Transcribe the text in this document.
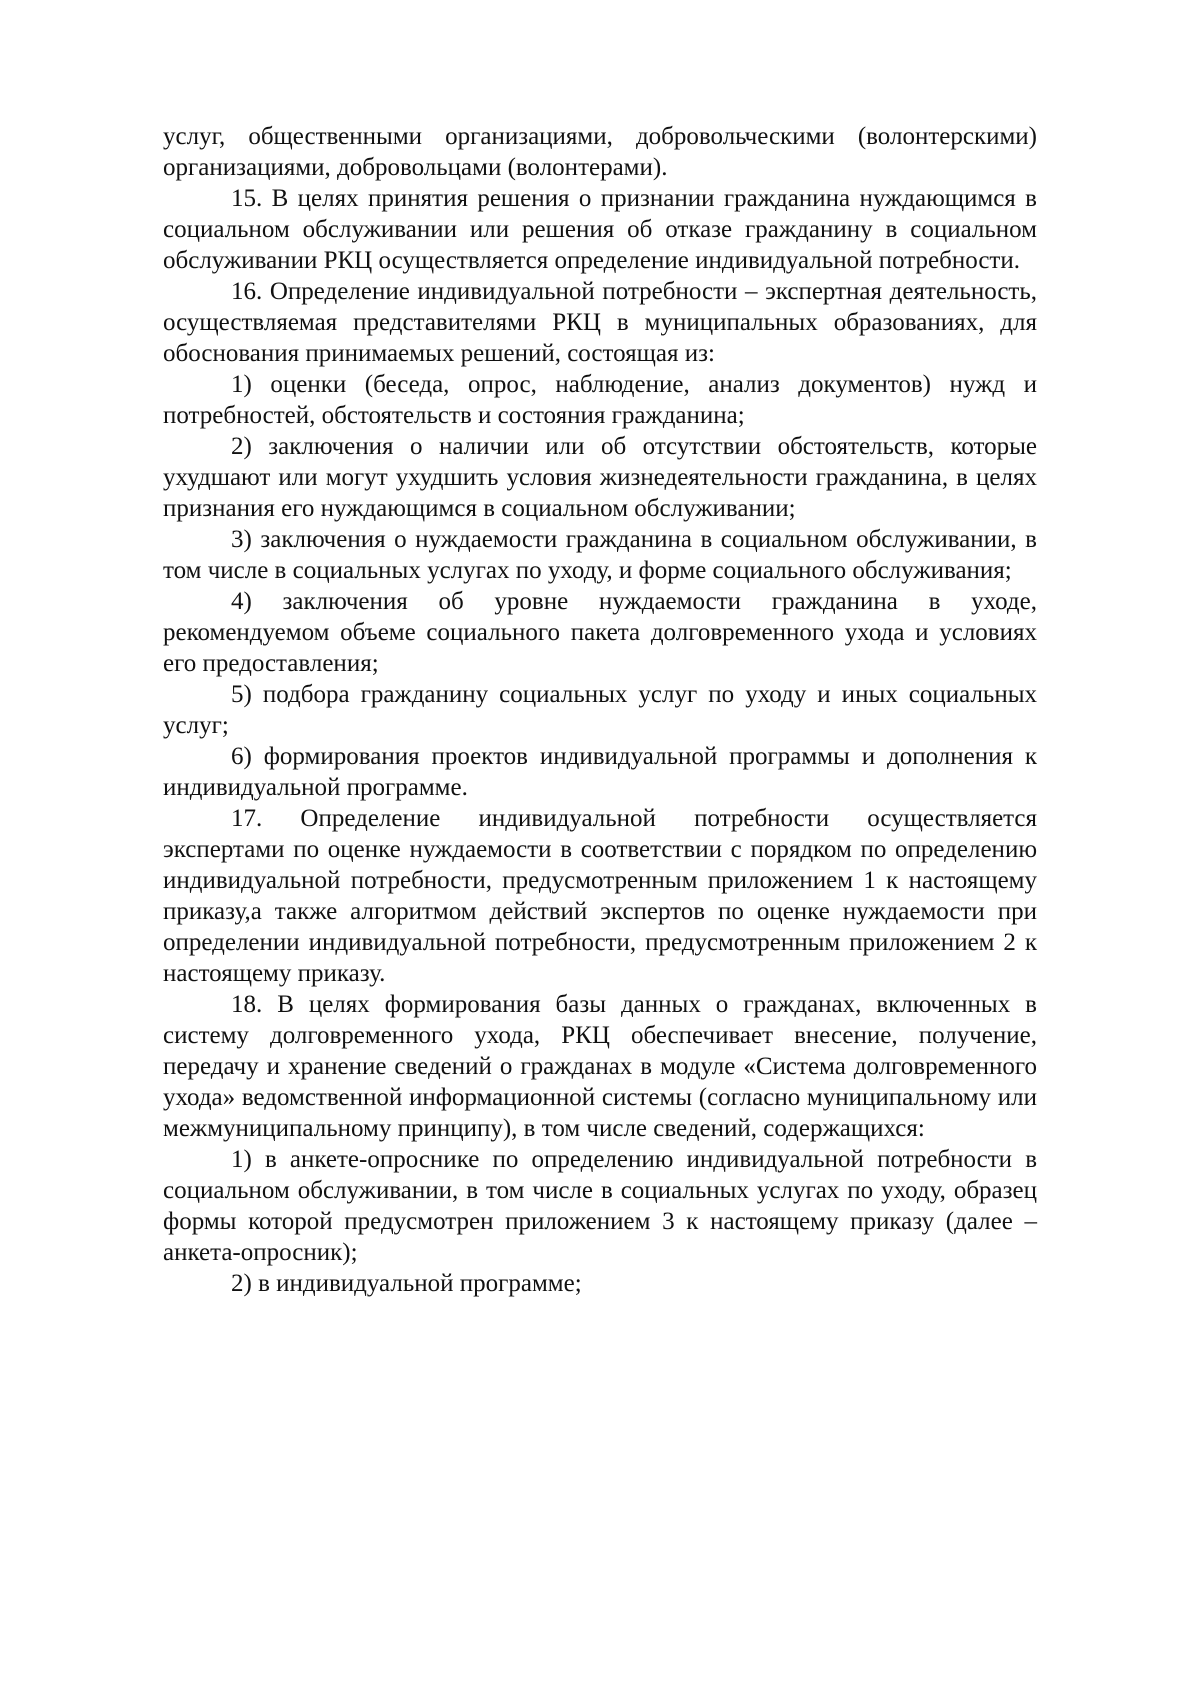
услуг, общественными организациями, добровольческими (волонтерскими) организациями, добровольцами (волонтерами).

15. В целях принятия решения о признании гражданина нуждающимся в социальном обслуживании или решения об отказе гражданину в социальном обслуживании РКЦ осуществляется определение индивидуальной потребности.

16. Определение индивидуальной потребности – экспертная деятельность, осуществляемая представителями РКЦ в муниципальных образованиях, для обоснования принимаемых решений, состоящая из:

1) оценки (беседа, опрос, наблюдение, анализ документов) нужд и потребностей, обстоятельств и состояния гражданина;

2) заключения о наличии или об отсутствии обстоятельств, которые ухудшают или могут ухудшить условия жизнедеятельности гражданина, в целях признания его нуждающимся в социальном обслуживании;

3) заключения о нуждаемости гражданина в социальном обслуживании, в том числе в социальных услугах по уходу, и форме социального обслуживания;

4) заключения об уровне нуждаемости гражданина в уходе, рекомендуемом объеме социального пакета долговременного ухода и условиях его предоставления;

5) подбора гражданину социальных услуг по уходу и иных социальных услуг;

6) формирования проектов индивидуальной программы и дополнения к индивидуальной программе.

17. Определение индивидуальной потребности осуществляется экспертами по оценке нуждаемости в соответствии с порядком по определению индивидуальной потребности, предусмотренным приложением 1 к настоящему приказу,а также алгоритмом действий экспертов по оценке нуждаемости при определении индивидуальной потребности, предусмотренным приложением 2 к настоящему приказу.

18. В целях формирования базы данных о гражданах, включенных в систему долговременного ухода, РКЦ обеспечивает внесение, получение, передачу и хранение сведений о гражданах в модуле «Система долговременного ухода» ведомственной информационной системы (согласно муниципальному или межмуниципальному принципу), в том числе сведений, содержащихся:

1) в анкете-опроснике по определению индивидуальной потребности в социальном обслуживании, в том числе в социальных услугах по уходу, образец формы которой предусмотрен приложением 3 к настоящему приказу (далее – анкета-опросник);

2) в индивидуальной программе;
